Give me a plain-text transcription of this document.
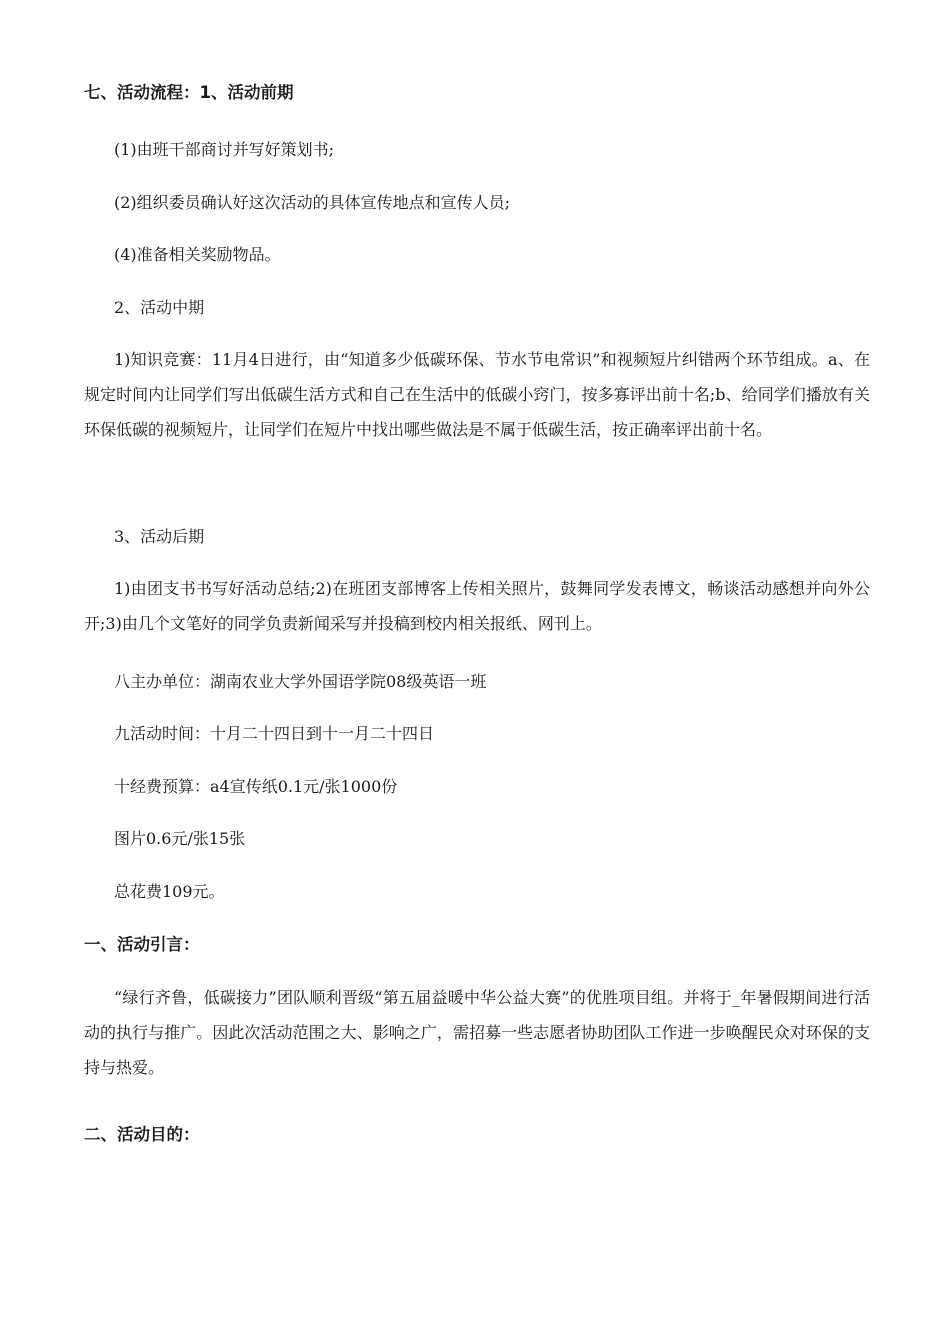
七、活动流程：1、活动前期
(1)由班干部商讨并写好策划书;
(2)组织委员确认好这次活动的具体宣传地点和宣传人员;
(4)准备相关奖励物品。
2、活动中期

1)知识竞赛：11月4日进行，由“知道多少低碳环保、节水节电常识”和视频短片纠错两个环节组成。a、在规定时间内让同学们写出低碳生活方式和自己在生活中的低碳小窍门，按多寡评出前十名;b、给同学们播放有关环保低碳的视频短片，让同学们在短片中找出哪些做法是不属于低碳生活，按正确率评出前十名。

3、活动后期

1)由团支书书写好活动总结;2)在班团支部博客上传相关照片，鼓舞同学发表博文，畅谈活动感想并向外公开;3)由几个文笔好的同学负责新闻采写并投稿到校内相关报纸、网刊上。

八主办单位：湖南农业大学外国语学院08级英语一班
九活动时间：十月二十四日到十一月二十四日
十经费预算：a4宣传纸0.1元/张1000份
图片0.6元/张15张
总花费109元。
一、活动引言：

“绿行齐鲁，低碳接力”团队顺利晋级“第五届益暖中华公益大赛”的优胜项目组。并将于_年暑假期间进行活动的执行与推广。因此次活动范围之大、影响之广，需招募一些志愿者协助团队工作进一步唤醒民众对环保的支持与热爱。

二、活动目的：
